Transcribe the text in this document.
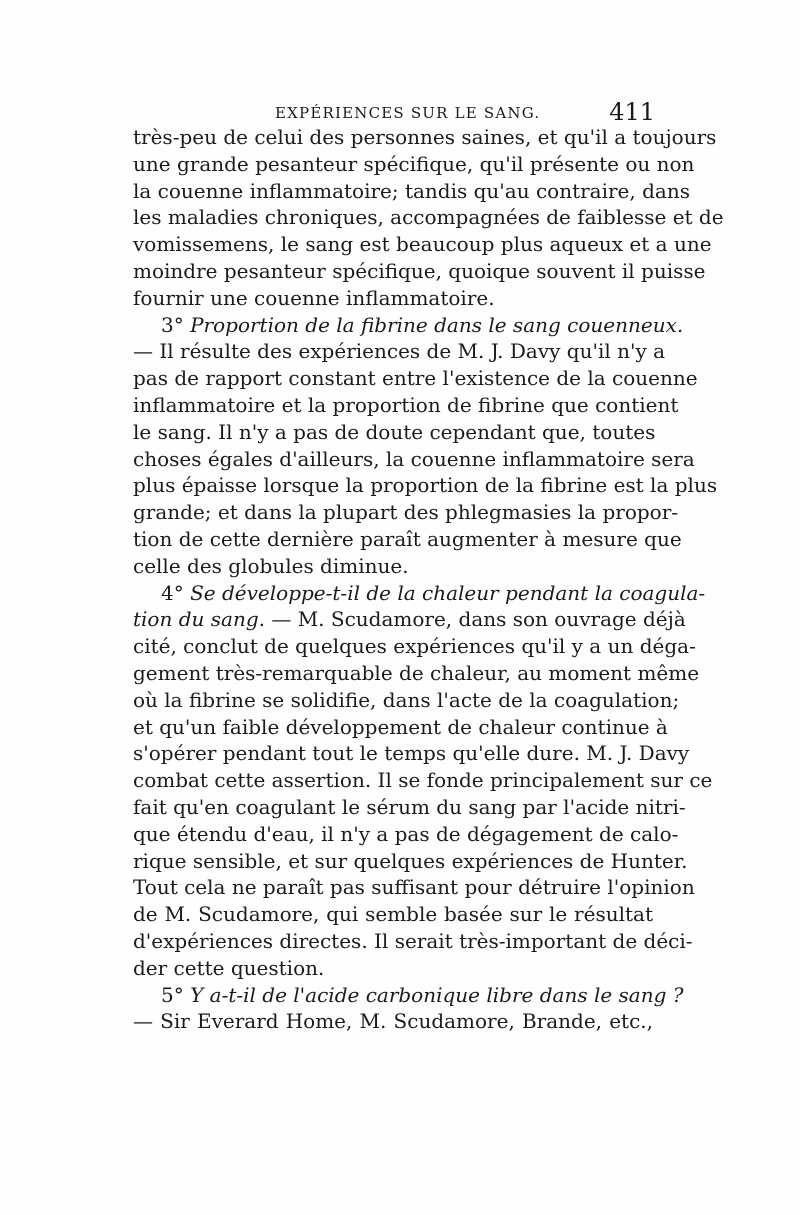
EXPÉRIENCES SUR LE SANG.	411
très-peu de celui des personnes saines, et qu'il a toujours
une grande pesanteur spécifique, qu'il présente ou non
la couenne inflammatoire; tandis qu'au contraire, dans
les maladies chroniques, accompagnées de faiblesse et de
vomissemens, le sang est beaucoup plus aqueux et a une
moindre pesanteur spécifique, quoique souvent il puisse
fournir une couenne inflammatoire.
3° Proportion de la fibrine dans le sang couenneux.
— Il résulte des expériences de M. J. Davy qu'il n'y a
pas de rapport constant entre l'existence de la couenne
inflammatoire et la proportion de fibrine que contient
le sang. Il n'y a pas de doute cependant que, toutes
choses égales d'ailleurs, la couenne inflammatoire sera
plus épaisse lorsque la proportion de la fibrine est la plus
grande; et dans la plupart des phlegmasies la propor-
tion de cette dernière paraît augmenter à mesure que
celle des globules diminue.
4° Se développe-t-il de la chaleur pendant la coagula-
tion du sang. — M. Scudamore, dans son ouvrage déjà
cité, conclut de quelques expériences qu'il y a un déga-
gement très-remarquable de chaleur, au moment même
où la fibrine se solidifie, dans l'acte de la coagulation;
et qu'un faible développement de chaleur continue à
s'opérer pendant tout le temps qu'elle dure. M. J. Davy
combat cette assertion. Il se fonde principalement sur ce
fait qu'en coagulant le sérum du sang par l'acide nitri-
que étendu d'eau, il n'y a pas de dégagement de calo-
rique sensible, et sur quelques expériences de Hunter.
Tout cela ne paraît pas suffisant pour détruire l'opinion
de M. Scudamore, qui semble basée sur le résultat
d'expériences directes. Il serait très-important de déci-
der cette question.
5° Y a-t-il de l'acide carbonique libre dans le sang ?
— Sir Everard Home, M. Scudamore, Brande, etc.,
